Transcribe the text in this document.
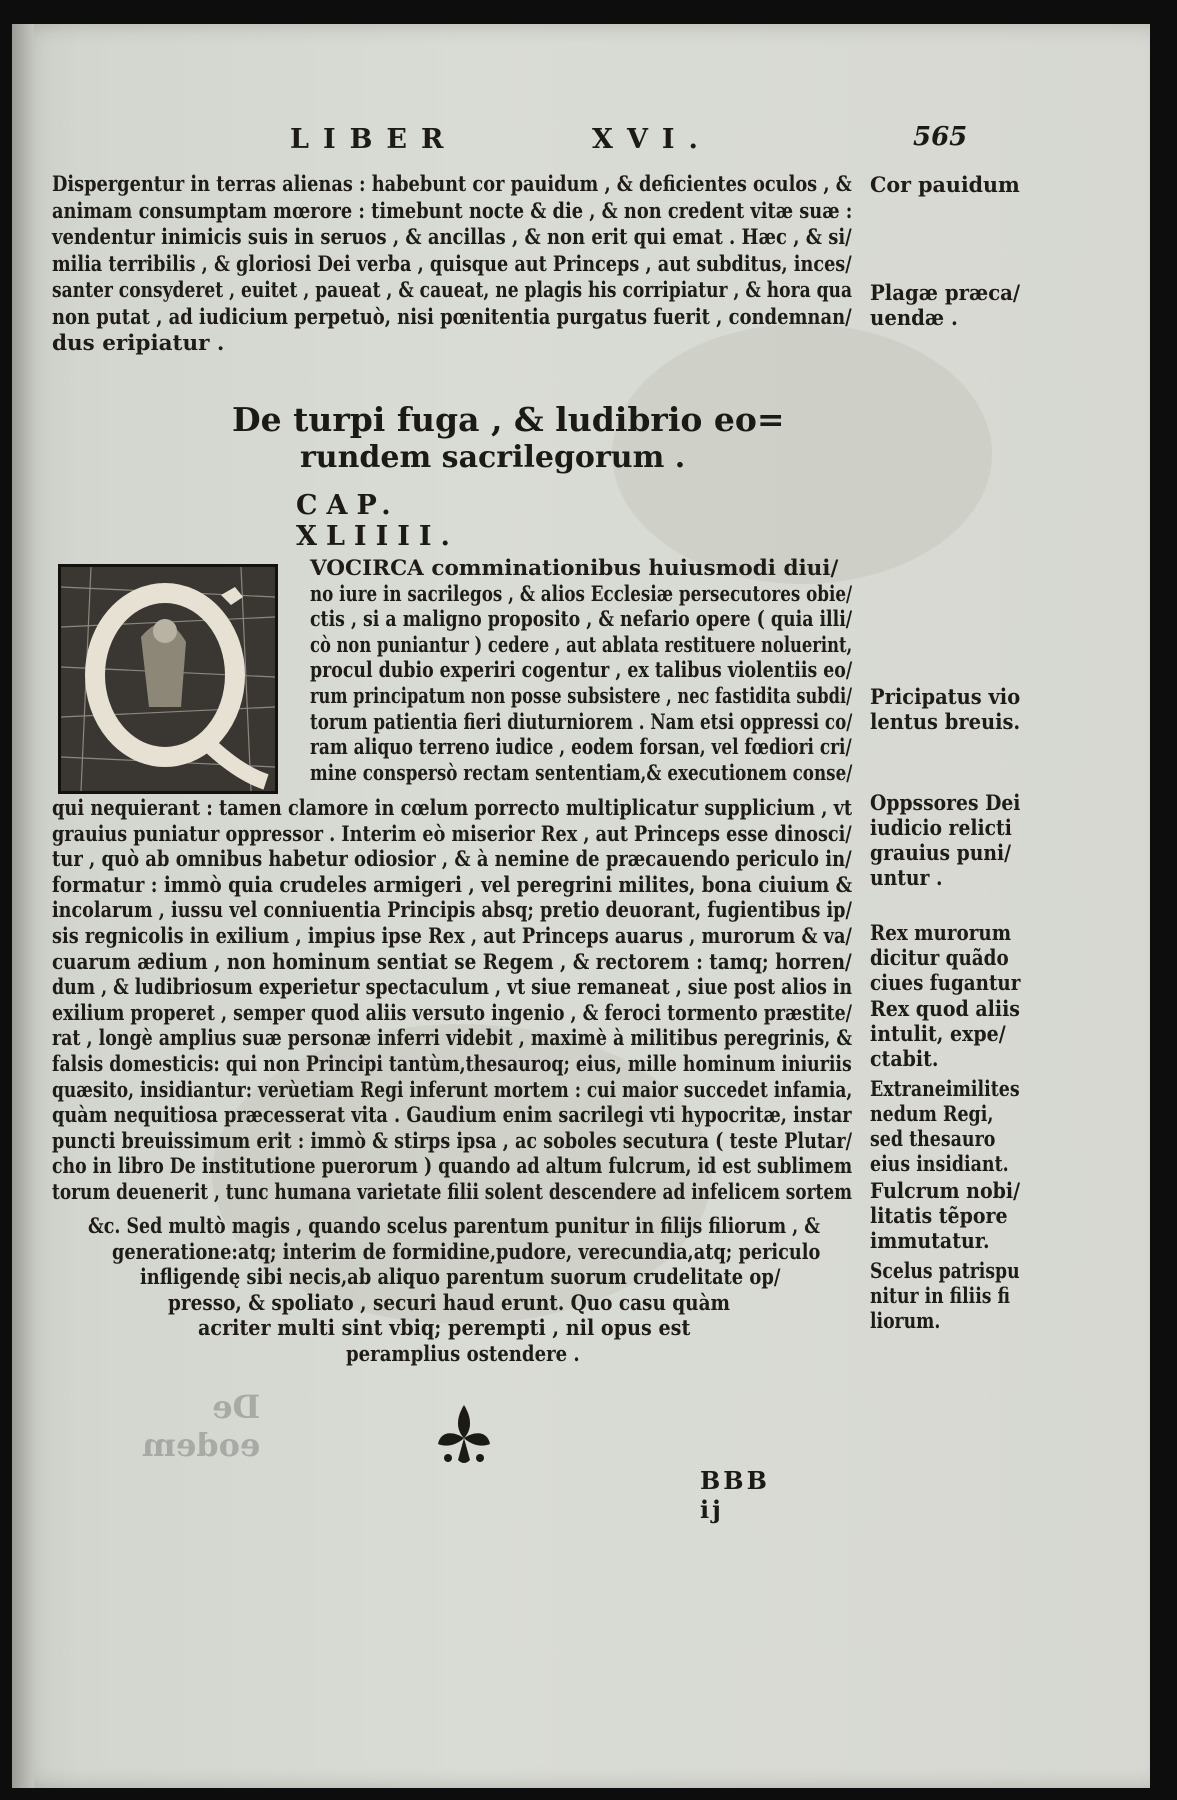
LIBER	XVI.	565
Dispergentur in terras alienas : habebunt cor pauidum , & deficientes oculos , &
animam consumptam mœrore : timebunt nocte & die , & non credent vitæ suæ :
vendentur inimicis suis in seruos , & ancillas , & non erit qui emat . Hæc , & si/
milia terribilis , & gloriosi Dei verba , quisque aut Princeps , aut subditus, inces/
santer consyderet , euitet , paueat , & caueat, ne plagis his corripiatur , & hora qua
non putat , ad iudicium perpetuò, nisi pœnitentia purgatus fuerit , condemnan/
dus eripiatur .
De turpi fuga , & ludibrio eo=
rundem sacrilegorum .
CAP. XLIIII.
VOCIRCA comminationibus huiusmodi diui/
no iure in sacrilegos , & alios Ecclesiæ persecutores obie/
ctis , si a maligno proposito , & nefario opere ( quia illi/
cò non puniantur ) cedere , aut ablata restituere noluerint,
procul dubio experiri cogentur , ex talibus violentiis eo/
rum principatum non posse subsistere , nec fastidita subdi/
torum patientia fieri diuturniorem . Nam etsi oppressi co/
ram aliquo terreno iudice , eodem forsan, vel fœdiori cri/
mine conspersò rectam sententiam,& executionem conse/
qui nequierant : tamen clamore in cœlum porrecto multiplicatur supplicium , vt
grauius puniatur oppressor . Interim eò miserior Rex , aut Princeps esse dinosci/
tur , quò ab omnibus habetur odiosior , & à nemine de præcauendo periculo in/
formatur : immò quia crudeles armigeri , vel peregrini milites, bona ciuium &
incolarum , iussu vel conniuentia Principis absq; pretio deuorant, fugientibus ip/
sis regnicolis in exilium , impius ipse Rex , aut Princeps auarus , murorum & va/
cuarum ædium , non hominum sentiat se Regem , & rectorem : tamq; horren/
dum , & ludibriosum experietur spectaculum , vt siue remaneat , siue post alios in
exilium properet , semper quod aliis versuto ingenio , & feroci tormento præstite/
rat , longè amplius suæ personæ inferri videbit , maximè à militibus peregrinis, &
falsis domesticis: qui non Principi tantùm,thesauroq; eius, mille hominum iniuriis
quæsito, insidiantur: verùetiam Regi inferunt mortem : cui maior succedet infamia,
quàm nequitiosa præcesserat vita . Gaudium enim sacrilegi vti hypocritæ, instar
puncti breuissimum erit : immò & stirps ipsa , ac soboles secutura ( teste Plutar/
cho in libro De institutione puerorum ) quando ad altum fulcrum, id est sublimem
torum deuenerit , tunc humana varietate filii solent descendere ad infelicem sortem
&c. Sed multò magis , quando scelus parentum punitur in filijs filiorum , &
generatione:atq; interim de formidine,pudore, verecundia,atq; periculo
infligendę sibi necis,ab aliquo parentum suorum crudelitate op/
presso, & spoliato , securi haud erunt. Quo casu quàm
acriter multi sint vbiq; perempti , nil opus est
peramplius ostendere .
Cor pauidum
Plagæ præca/
uendæ .
Pricipatus vio
lentus breuis.
Oppssores Dei
iudicio relicti
grauius puni/
untur .
Rex murorum
dicitur quãdo
ciues fugantur
Rex quod aliis
intulit, expe/
ctabit.
Extraneimilites
nedum Regi,
sed thesauro
eius insidiant.
Fulcrum nobi/
litatis tẽpore
immutatur.
Scelus patrispu
nitur in filiis fi
liorum.
De eodem
BBB ij
